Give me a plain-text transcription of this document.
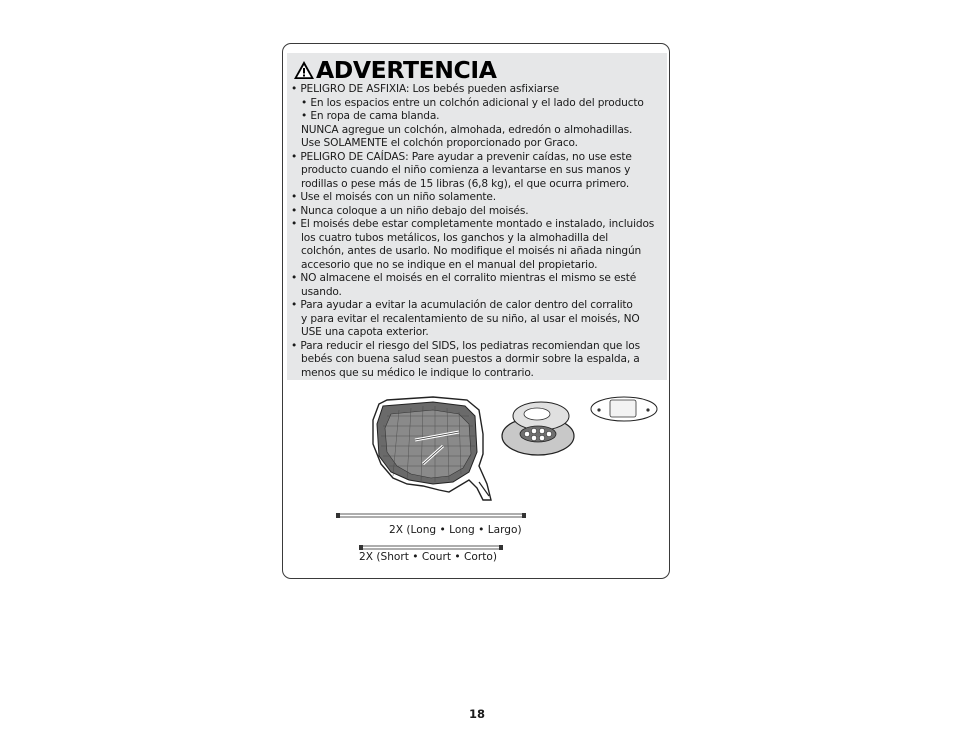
ADVERTENCIA
• PELIGRO DE ASFIXIA: Los bebés pueden asfixiarse
• En los espacios entre un colchón adicional y el lado del producto
• En ropa de cama blanda.
NUNCA agregue un colchón, almohada, edredón o almohadillas.
Use SOLAMENTE el colchón proporcionado por Graco.
• PELIGRO DE CAÍDAS: Pare ayudar a prevenir caídas, no use este
producto cuando el niño comienza a levantarse en sus manos y
rodillas o pese más de 15 libras (6,8 kg), el que ocurra primero.
• Use el moisés con un niño solamente.
• Nunca coloque a un niño debajo del moisés.
• El moisés debe estar completamente montado e instalado, incluidos
los cuatro tubos metálicos, los ganchos y la almohadilla del
colchón, antes de usarlo. No modifique el moisés ni añada ningún
accesorio que no se indique en el manual del propietario.
• NO almacene el moisés en el corralito mientras el mismo se esté
usando.
• Para ayudar a evitar la acumulación de calor dentro del corralito
y para evitar el recalentamiento de su niño, al usar el moisés, NO
USE una capota exterior.
• Para reducir el riesgo del SIDS, los pediatras recomiendan que los
bebés con buena salud sean puestos a dormir sobre la espalda, a
menos que su médico le indique lo contrario.
2X (Long • Long • Largo)
2X (Short • Court • Corto)
18
